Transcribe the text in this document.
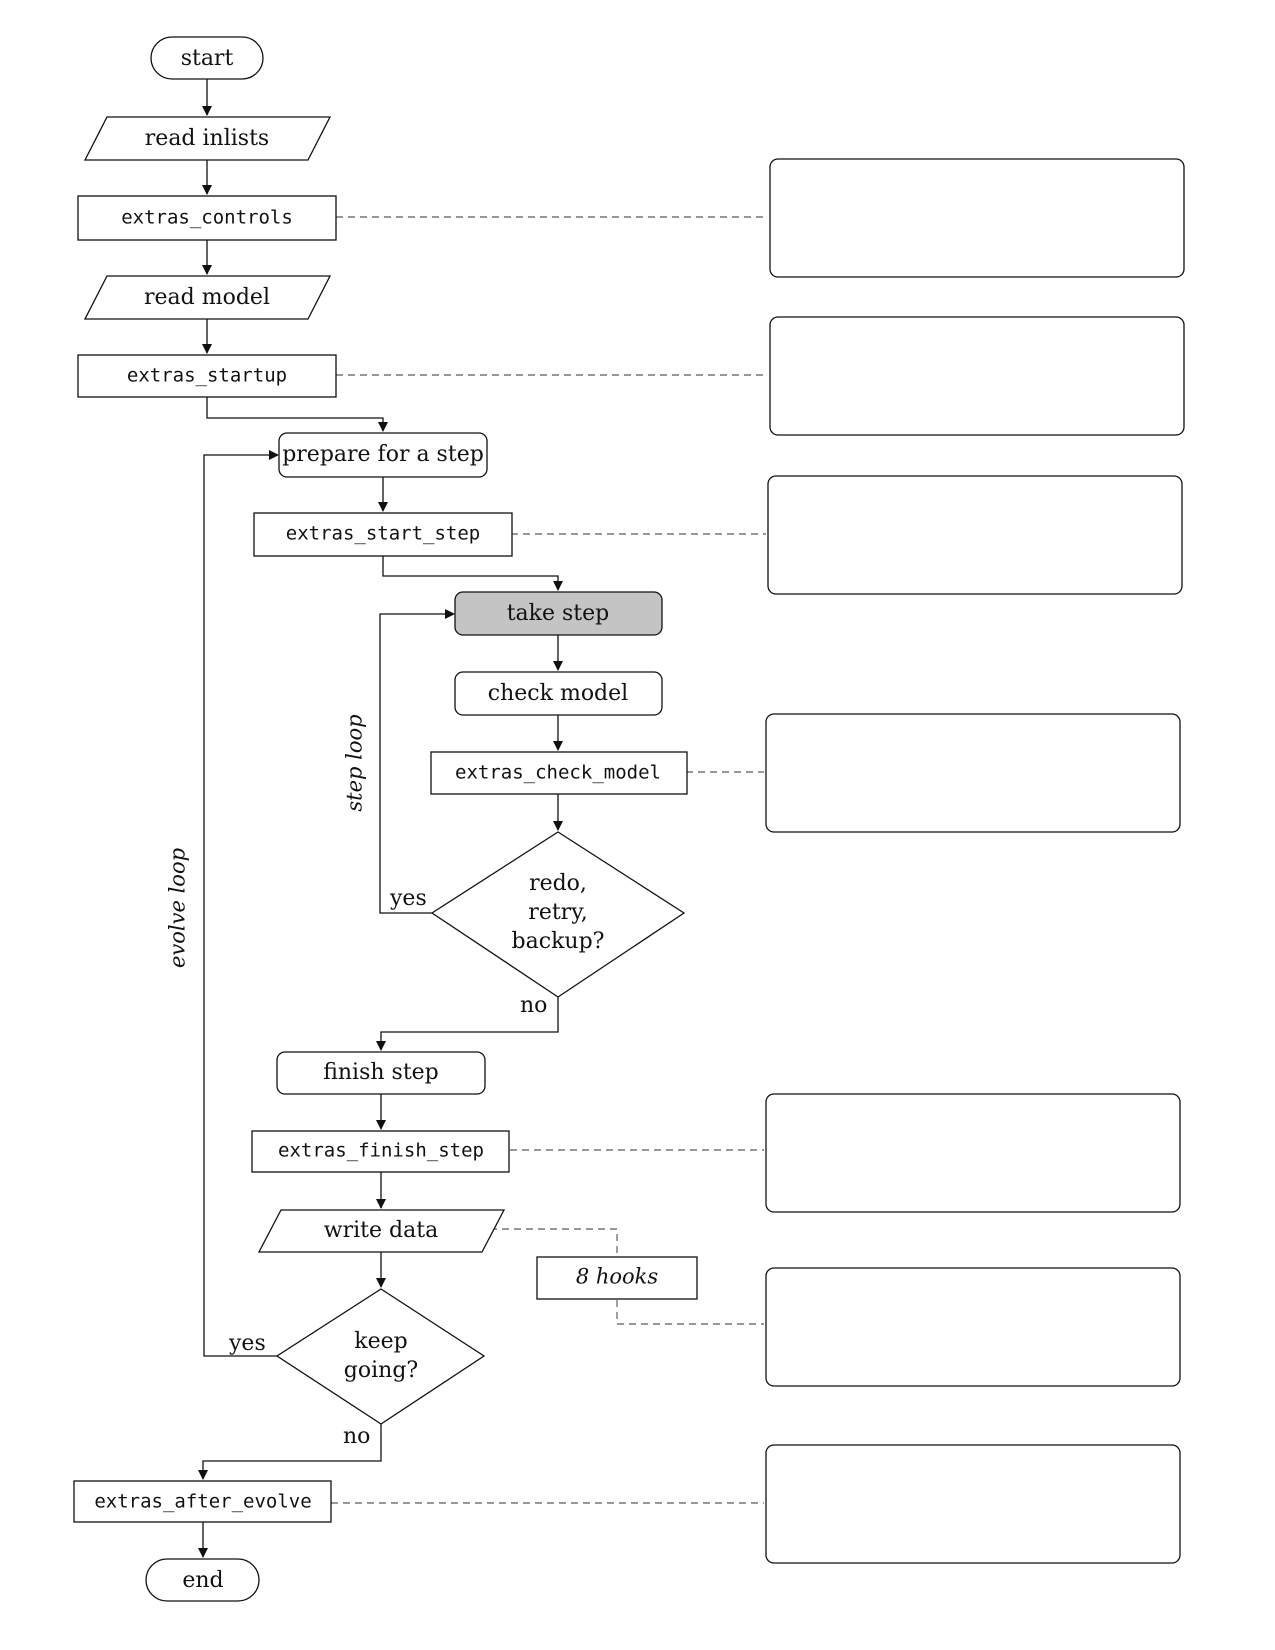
start
read inlists
extras_controls
read model
extras_startup
prepare for a step
extras_start_step
take step
check model
extras_check_model
redo,
retry,
backup?
finish step
extras_finish_step
write data
keep
going?
extras_after_evolve
end
8 hooks
yes
no
yes
no
step loop
evolve loop
